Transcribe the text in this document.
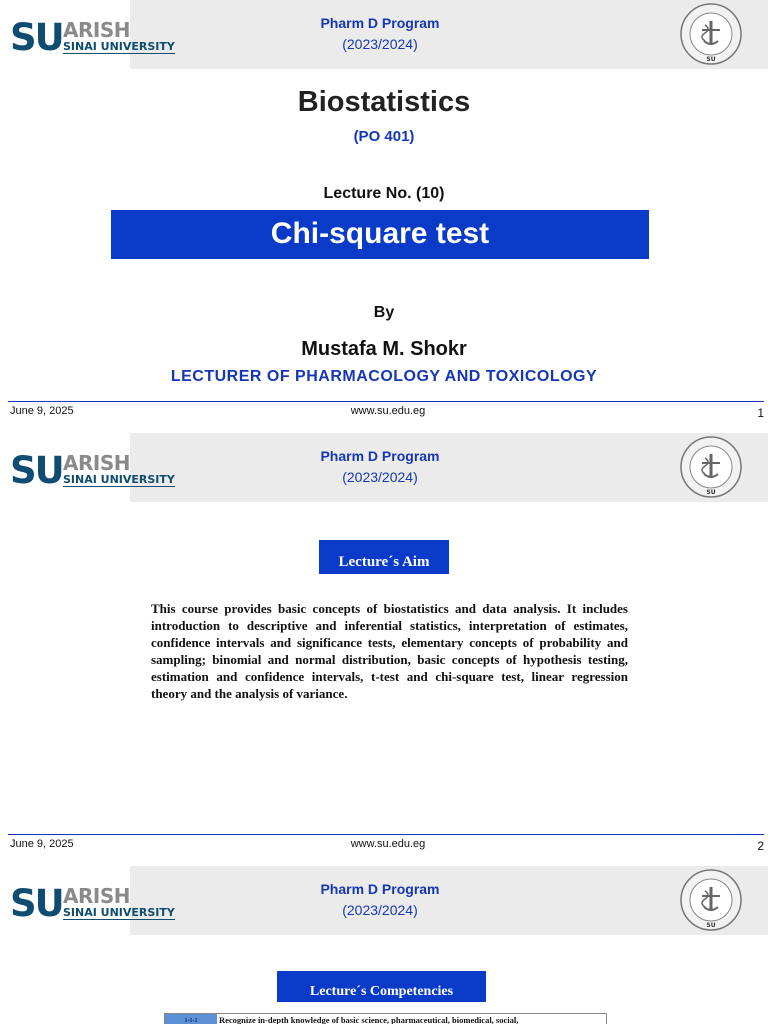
SU ARISH
SINAI UNIVERSITY
Pharm D Program
(2023/2024)
SU
Biostatistics
(PO 401)
Lecture No. (10)
Chi-square test
By
Mustafa M. Shokr
LECTURER OF PHARMACOLOGY AND TOXICOLOGY
June 9, 2025	www.su.edu.eg	1
SU ARISH
SINAI UNIVERSITY
Pharm D Program
(2023/2024)
SU
Lecture´s Aim
This course provides basic concepts of biostatistics and data analysis. It includes introduction to descriptive and inferential statistics, interpretation of estimates, confidence intervals and significance tests, elementary concepts of probability and sampling; binomial and normal distribution, basic concepts of hypothesis testing, estimation and confidence intervals, t-test and chi-square test, linear regression theory and the analysis of variance.
June 9, 2025	www.su.edu.eg	2
SU ARISH
SINAI UNIVERSITY
Pharm D Program
(2023/2024)
SU
Lecture´s Competencies
1-1-1	Recognize in-depth knowledge of basic science, pharmaceutical, biomedical, social,
